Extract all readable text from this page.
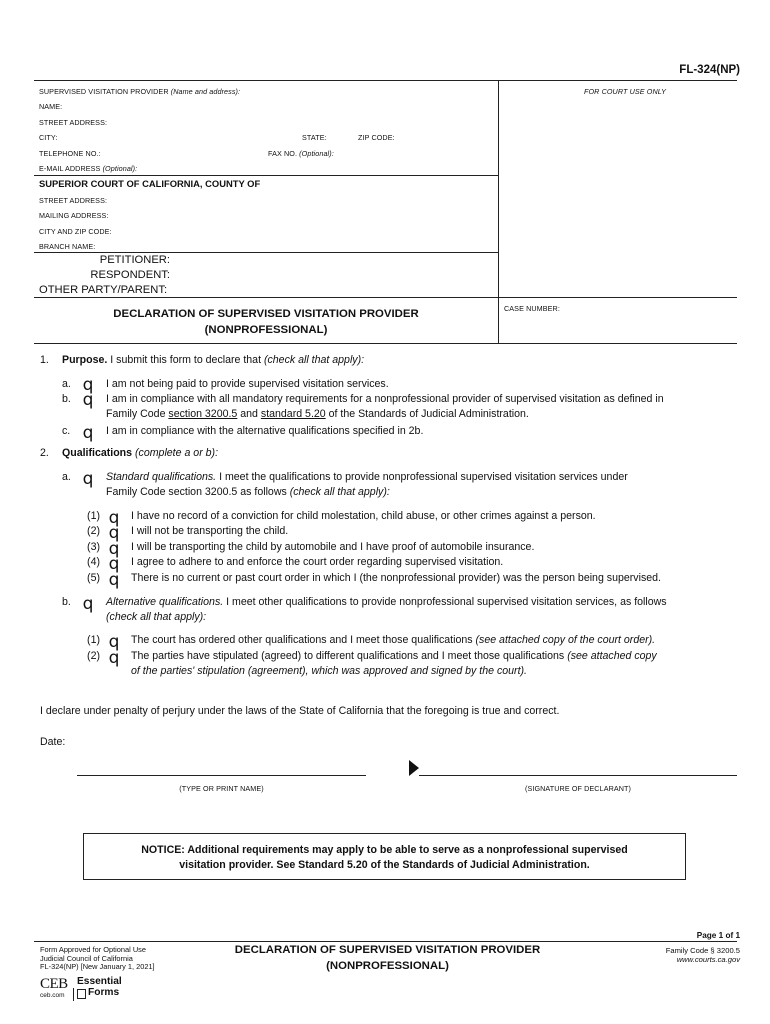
FL-324(NP)
SUPERVISED VISITATION PROVIDER (Name and address):	FOR COURT USE ONLY
NAME:
STREET ADDRESS:
CITY:	STATE:	ZIP CODE:
TELEPHONE NO.:	FAX NO. (Optional):
E-MAIL ADDRESS (Optional):
SUPERIOR COURT OF CALIFORNIA, COUNTY OF
STREET ADDRESS:
MAILING ADDRESS:
CITY AND ZIP CODE:
BRANCH NAME:
PETITIONER:
RESPONDENT:
OTHER PARTY/PARENT:
DECLARATION OF SUPERVISED VISITATION PROVIDER
(NONPROFESSIONAL)
CASE NUMBER:
1. Purpose. I submit this form to declare that (check all that apply):
a. q I am not being paid to provide supervised visitation services.
b. q I am in compliance with all mandatory requirements for a nonprofessional provider of supervised visitation as defined in
Family Code section 3200.5 and standard 5.20 of the Standards of Judicial Administration.
c. q I am in compliance with the alternative qualifications specified in 2b.
2. Qualifications (complete a or b):
a. q Standard qualifications. I meet the qualifications to provide nonprofessional supervised visitation services under
Family Code section 3200.5 as follows (check all that apply):
(1) q I have no record of a conviction for child molestation, child abuse, or other crimes against a person.
(2) q I will not be transporting the child.
(3) q I will be transporting the child by automobile and I have proof of automobile insurance.
(4) q I agree to adhere to and enforce the court order regarding supervised visitation.
(5) q There is no current or past court order in which I (the nonprofessional provider) was the person being supervised.
b. q Alternative qualifications. I meet other qualifications to provide nonprofessional supervised visitation services, as follows
(check all that apply):
(1) q The court has ordered other qualifications and I meet those qualifications (see attached copy of the court order).
(2) q The parties have stipulated (agreed) to different qualifications and I meet those qualifications (see attached copy
of the parties' stipulation (agreement), which was approved and signed by the court).
I declare under penalty of perjury under the laws of the State of California that the foregoing is true and correct.
Date:
(TYPE OR PRINT NAME)	(SIGNATURE OF DECLARANT)
NOTICE: Additional requirements may apply to be able to serve as a nonprofessional supervised
visitation provider. See Standard 5.20 of the Standards of Judicial Administration.
Page 1 of 1
Form Approved for Optional Use
Judicial Council of California
FL-324(NP) [New January 1, 2021]
DECLARATION OF SUPERVISED VISITATION PROVIDER
(NONPROFESSIONAL)
Family Code § 3200.5
www.courts.ca.gov
CEB
ceb.com
Essential
Forms
